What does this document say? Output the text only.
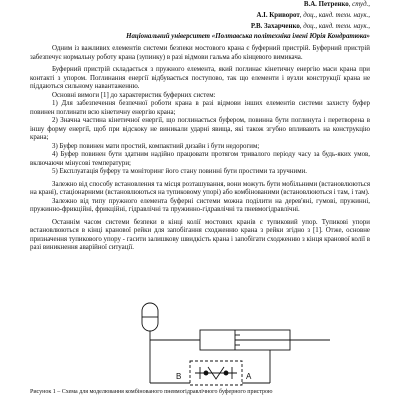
В.А. Петренко, студ.,
А.І. Криворот, доц., канд. техн. наук.,
Р.В. Захарченко, доц., канд. техн. наук.,
Національний університет «Полтавська політехніка імені Юрія Кондратюка»

Одним із важливих елементів системи безпеки мостового крана є буферний пристрій. Буферний пристрій забезпечує нормальну роботу крана (зупинку) в разі відмови гальма або кінцевого вимикача.

Буферний пристрій складається з пружного елемента, який поглинає кінетичну енергію маси крана при контакті з упором. Поглинання енергії відбувається поступово, так що елементи і вузли конструкції крана не піддаються сильному навантаженню.

Основні вимоги [1] до характеристик буферних систем:

1) Для забезпечення безпечної роботи крана в разі відмови інших елементів системи захисту буфер повинен поглинати всю кінетичну енергію крана;

2) Значна частина кінетичної енергії, що поглинається буфером, повинна бути поглинута і перетворена в іншу форму енергії, щоб при відскоку не виникали ударні явища, які також згубно впливають на конструкцію крана;

3) Буфер повинен мати простий, компактний дизайн і бути недорогим;

4) Буфер повинен бути здатним надійно працювати протягом тривалого періоду часу за будь-яких умов, включаючи мінусові температури;

5) Експлуатація буферу та моніторинг його стану повинні бути простими та зручними.

Залежно від способу встановлення та місця розташування, вони можуть бути мобільними (встановлюються на крані), стаціонарними (встановлюються на тупиковому упорі) або комбінованими (встановлюються і там, і там).

Залежно від типу пружного елемента буферні системи можна поділити на дерев'яні, гумові, пружинні, пружинно-фрикційні, фрикційні, гідравлічні та пружинно-гідравлічні та пневмогідравлічні.

Останнім часом системи безпеки в кінці колії мостових кранів є тупиковий упор. Тупикові упори встановлюються в кінці кранової рейки для запобігання сходженню крана з рейки згідно з [1]. Отже, основне призначення тупикового упору - гасити залишкову швидкість крана і запобігати сходженню з кінця кранової колії в разі виникнення аварійної ситуації.

B	A
Рисунок 1 – Схема для моделювання комбінованого пневмогідравлічного буферного пристрою
